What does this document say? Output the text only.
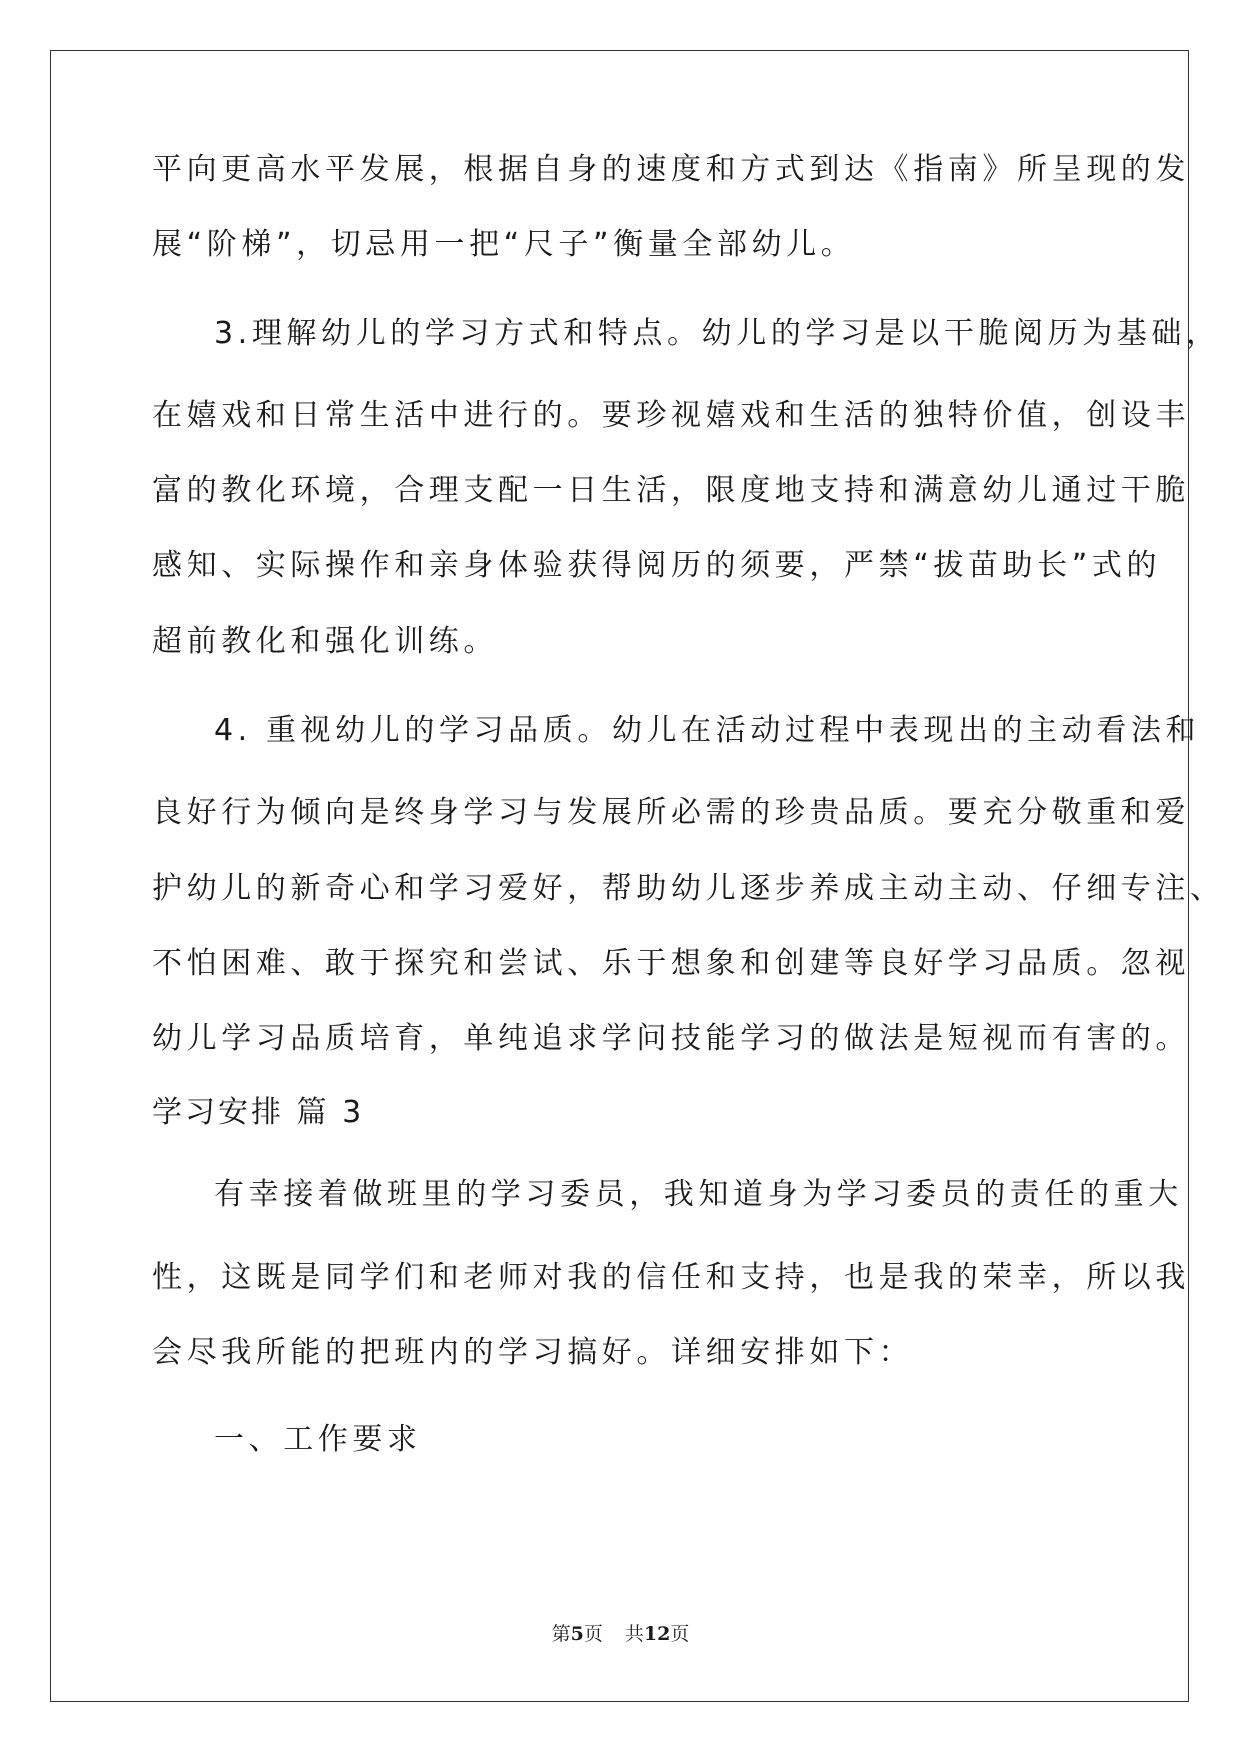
平向更高水平发展，根据自身的速度和方式到达《指南》所呈现的发
展“阶梯”，切忌用一把“尺子”衡量全部幼儿。
3.理解幼儿的学习方式和特点。幼儿的学习是以干脆阅历为基础，
在嬉戏和日常生活中进行的。要珍视嬉戏和生活的独特价值，创设丰
富的教化环境，合理支配一日生活，限度地支持和满意幼儿通过干脆
感知、实际操作和亲身体验获得阅历的须要，严禁“拔苗助长”式的
超前教化和强化训练。
4. 重视幼儿的学习品质。幼儿在活动过程中表现出的主动看法和
良好行为倾向是终身学习与发展所必需的珍贵品质。要充分敬重和爱
护幼儿的新奇心和学习爱好，帮助幼儿逐步养成主动主动、仔细专注、
不怕困难、敢于探究和尝试、乐于想象和创建等良好学习品质。忽视
幼儿学习品质培育，单纯追求学问技能学习的做法是短视而有害的。
学习安排 篇 3
有幸接着做班里的学习委员，我知道身为学习委员的责任的重大
性，这既是同学们和老师对我的信任和支持，也是我的荣幸，所以我
会尽我所能的把班内的学习搞好。详细安排如下：
一、工作要求
第5页 共12页
